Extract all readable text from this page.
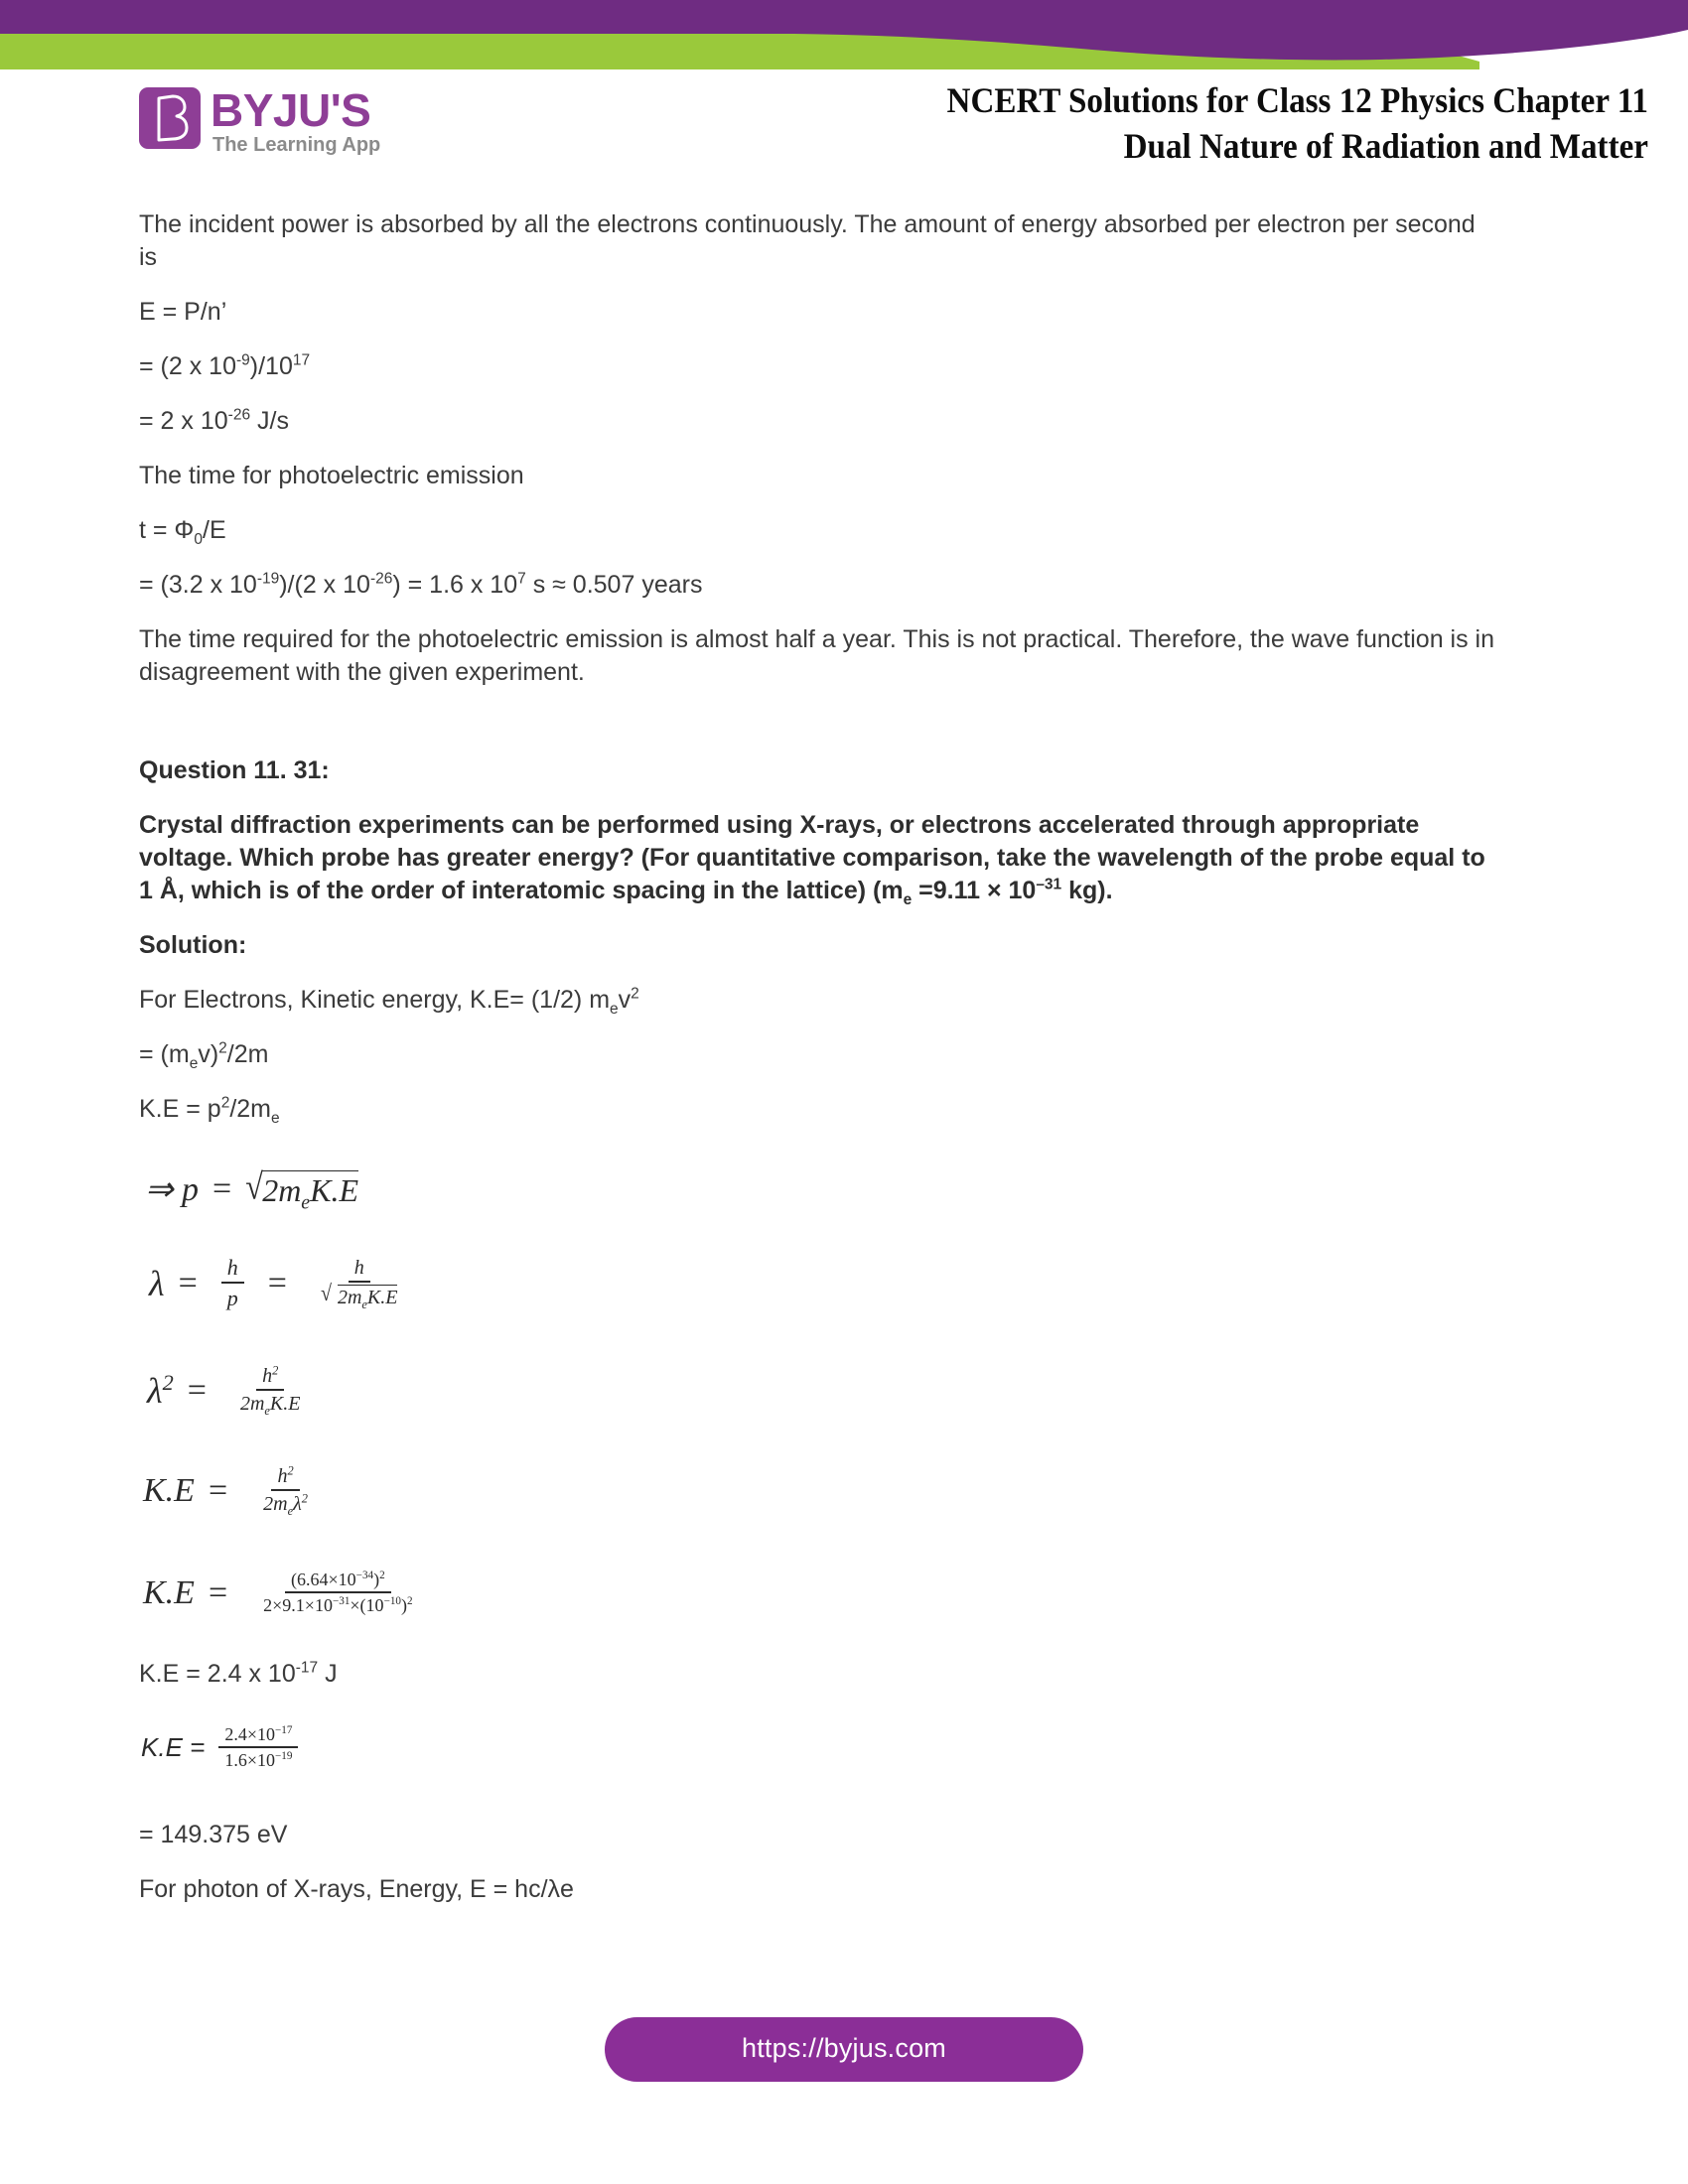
BYJU'S
The Learning App
NCERT Solutions for Class 12 Physics Chapter 11
Dual Nature of Radiation and Matter

The incident power is absorbed by all the electrons continuously. The amount of energy absorbed per electron per second is

E = P/n’

= (2 x $10^{-9})/10^{17}$

= 2 x $10^{-26}$ J/s

The time for photoelectric emission

$t = \Phi_0/E$

= (3.2 x $10^{-19})/(2$ x $10^{-26}) = 1.6$ x $10^7$ s ≈ 0.507 years

The time required for the photoelectric emission is almost half a year. This is not practical. Therefore, the wave function is in disagreement with the given experiment.

Question 11. 31:

Crystal diffraction experiments can be performed using X-rays, or electrons accelerated through appropriate voltage. Which probe has greater energy? (For quantitative comparison, take the wavelength of the probe equal to 1 Å, which is of the order of interatomic spacing in the lattice) ($m_e =9.11 \times 10^{-31}$ kg).

Solution:

For Electrons, Kinetic energy, K.E= (1/2) $m_ev^2$

= $(m_ev)^2/2m$

$K.E = p^2/2m_e$

⇒ p = √ $2m_eK.E$
$\lambda = \frac{h}{p} = h$
√ $2m_eK.E$
$\lambda^2 = \frac{h^2}{2m_eK.E}$
$K.E = \frac{h^2}{2m_e\lambda^2}$
$K.E = \frac{(6.64\times 10^{-34})^2}{2\times 9.1\times 10^{-31}\times(10^{-10})^2}$

K.E = 2.4 x $10^{-17}$ J

$K.E = \frac{2.4\times 10^{-17}}{1.6\times 10^{-19}}$

= 149.375 eV

For photon of X-rays, Energy, E = hc/λe

https://byjus.com
